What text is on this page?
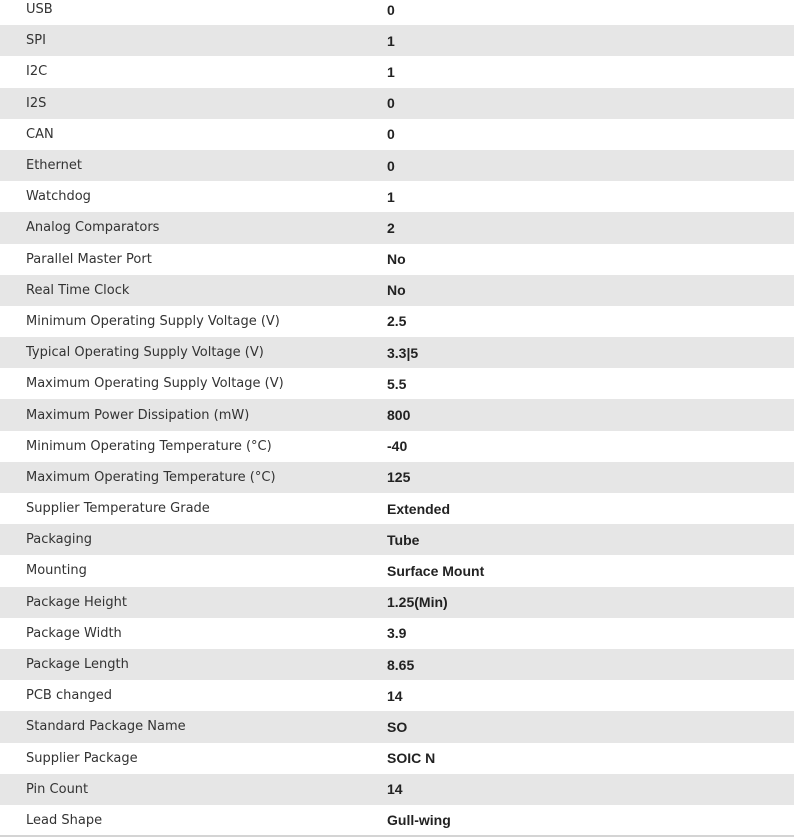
USB	0
SPI	1
I2C	1
I2S	0
CAN	0
Ethernet	0
Watchdog	1
Analog Comparators	2
Parallel Master Port	No
Real Time Clock	No
Minimum Operating Supply Voltage (V)	2.5
Typical Operating Supply Voltage (V)	3.3|5
Maximum Operating Supply Voltage (V)	5.5
Maximum Power Dissipation (mW)	800
Minimum Operating Temperature (°C)	-40
Maximum Operating Temperature (°C)	125
Supplier Temperature Grade	Extended
Packaging	Tube
Mounting	Surface Mount
Package Height	1.25(Min)
Package Width	3.9
Package Length	8.65
PCB changed	14
Standard Package Name	SO
Supplier Package	SOIC N
Pin Count	14
Lead Shape	Gull-wing
